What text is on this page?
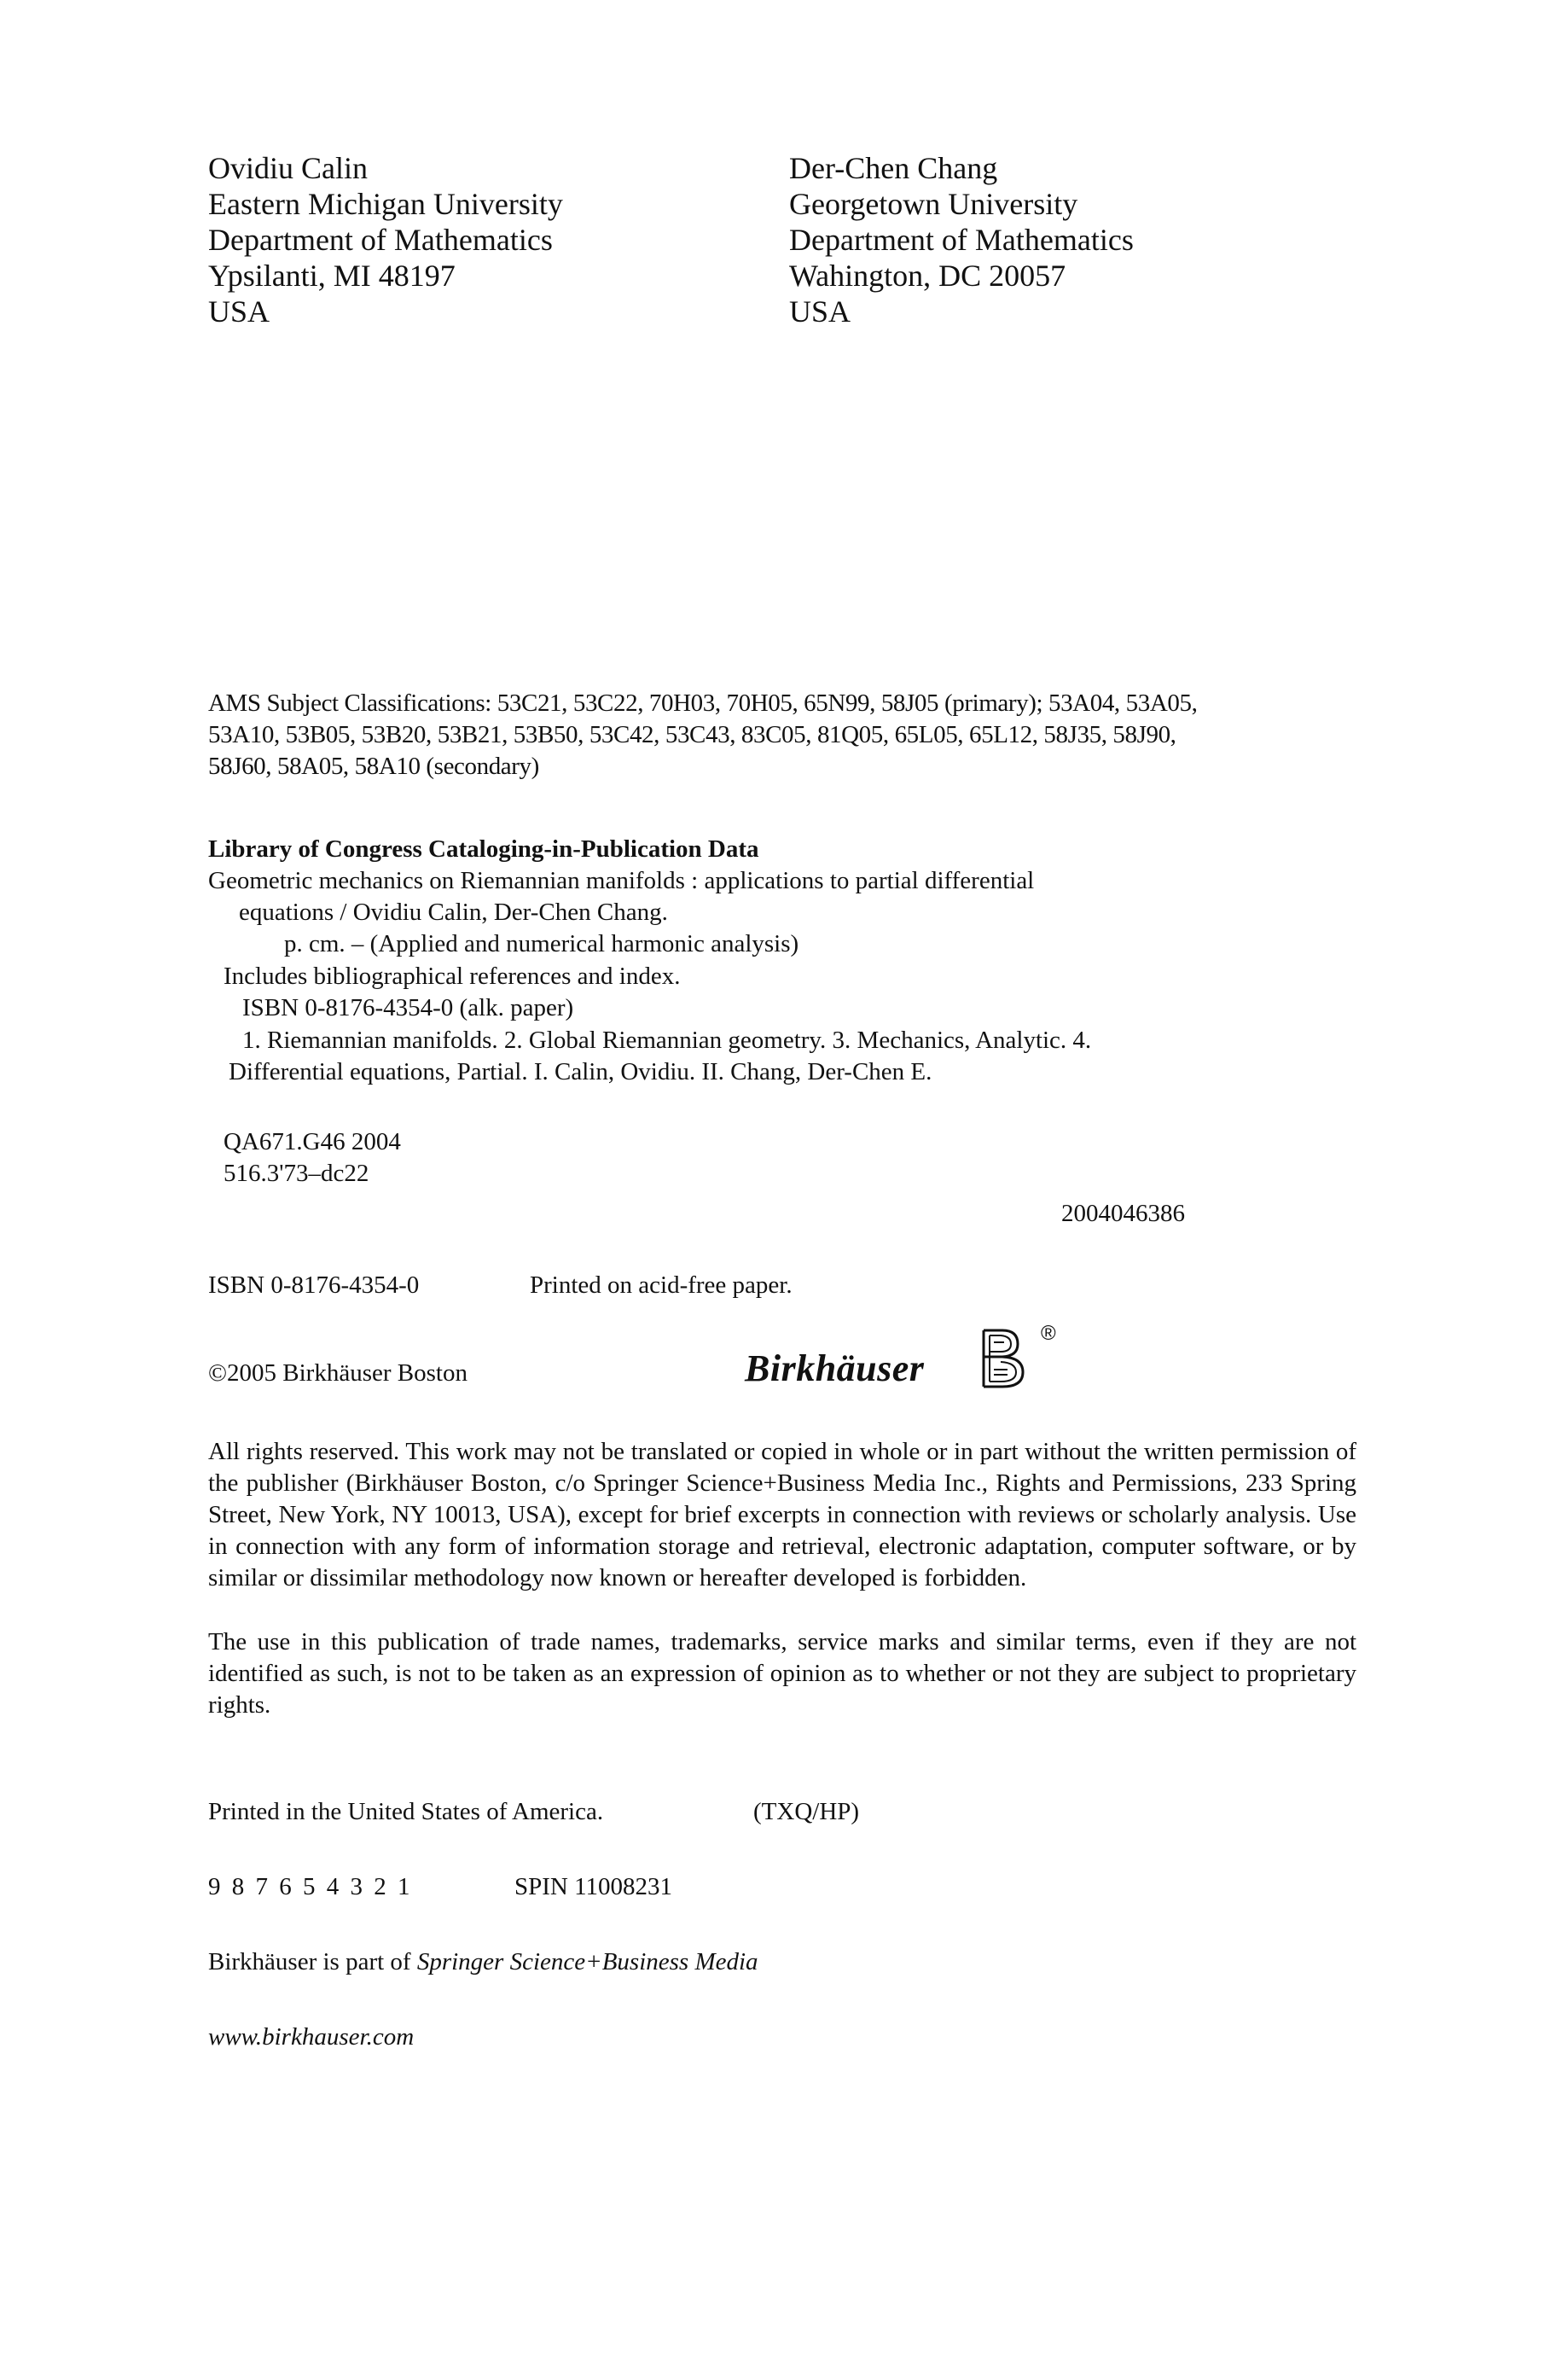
Ovidiu Calin
Eastern Michigan University
Department of Mathematics
Ypsilanti, MI 48197
USA
Der-Chen Chang
Georgetown University
Department of Mathematics
Wahington, DC 20057
USA
AMS Subject Classifications: 53C21, 53C22, 70H03, 70H05, 65N99, 58J05 (primary); 53A04, 53A05,
53A10, 53B05, 53B20, 53B21, 53B50, 53C42, 53C43, 83C05, 81Q05, 65L05, 65L12, 58J35, 58J90,
58J60, 58A05, 58A10 (secondary)
Library of Congress Cataloging-in-Publication Data
Geometric mechanics on Riemannian manifolds : applications to partial differential
equations / Ovidiu Calin, Der-Chen Chang.
p. cm. – (Applied and numerical harmonic analysis)
Includes bibliographical references and index.
ISBN 0-8176-4354-0 (alk. paper)
1. Riemannian manifolds. 2. Global Riemannian geometry. 3. Mechanics, Analytic. 4.
Differential equations, Partial. I. Calin, Ovidiu. II. Chang, Der-Chen E.
QA671.G46 2004
516.3'73–dc22
2004046386
ISBN 0-8176-4354-0	Printed on acid-free paper.
©2005 Birkhäuser Boston	Birkhäuser
®
All rights reserved. This work may not be translated or copied in whole or in part without the written permission of the publisher (Birkhäuser Boston, c/o Springer Science+Business Media Inc., Rights and Permissions, 233 Spring Street, New York, NY 10013, USA), except for brief excerpts in connection with reviews or scholarly analysis. Use in connection with any form of information storage and retrieval, electronic adaptation, computer software, or by similar or dissimilar methodology now known or hereafter developed is forbidden.
The use in this publication of trade names, trademarks, service marks and similar terms, even if they are not identified as such, is not to be taken as an expression of opinion as to whether or not they are subject to proprietary rights.
Printed in the United States of America.	(TXQ/HP)
9 8 7 6 5 4 3 2 1	SPIN 11008231
Birkhäuser is part of Springer Science+Business Media
www.birkhauser.com
